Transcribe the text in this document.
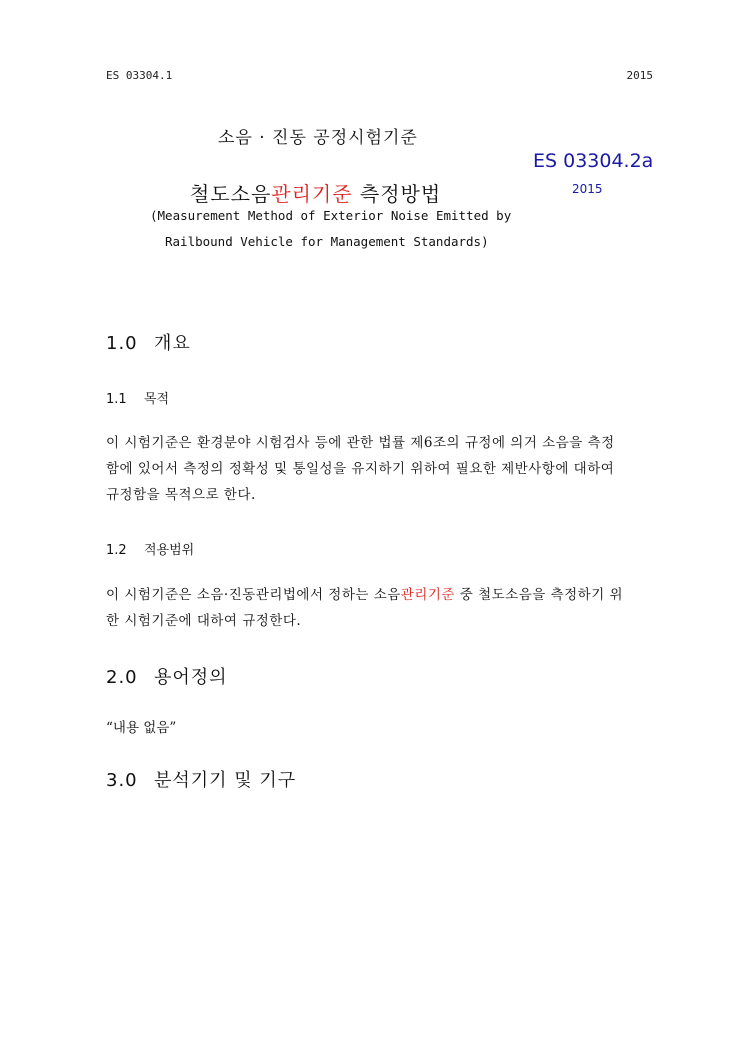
ES 03304.1	2015
소음 · 진동 공정시험기준
ES 03304.2a
2015
철도소음관리기준 측정방법
(Measurement Method of Exterior Noise Emitted by
Railbound Vehicle for Management Standards)
1.0 개요
1.1 목적
이 시험기준은 환경분야 시험검사 등에 관한 법률 제6조의 규정에 의거 소음을 측정
함에 있어서 측정의 정확성 및 통일성을 유지하기 위하여 필요한 제반사항에 대하여
규정함을 목적으로 한다.
1.2 적용범위
이 시험기준은 소음·진동관리법에서 정하는 소음관리기준 중 철도소음을 측정하기 위
한 시험기준에 대하여 규정한다.
2.0 용어정의
“내용 없음”
3.0 분석기기 및 기구
